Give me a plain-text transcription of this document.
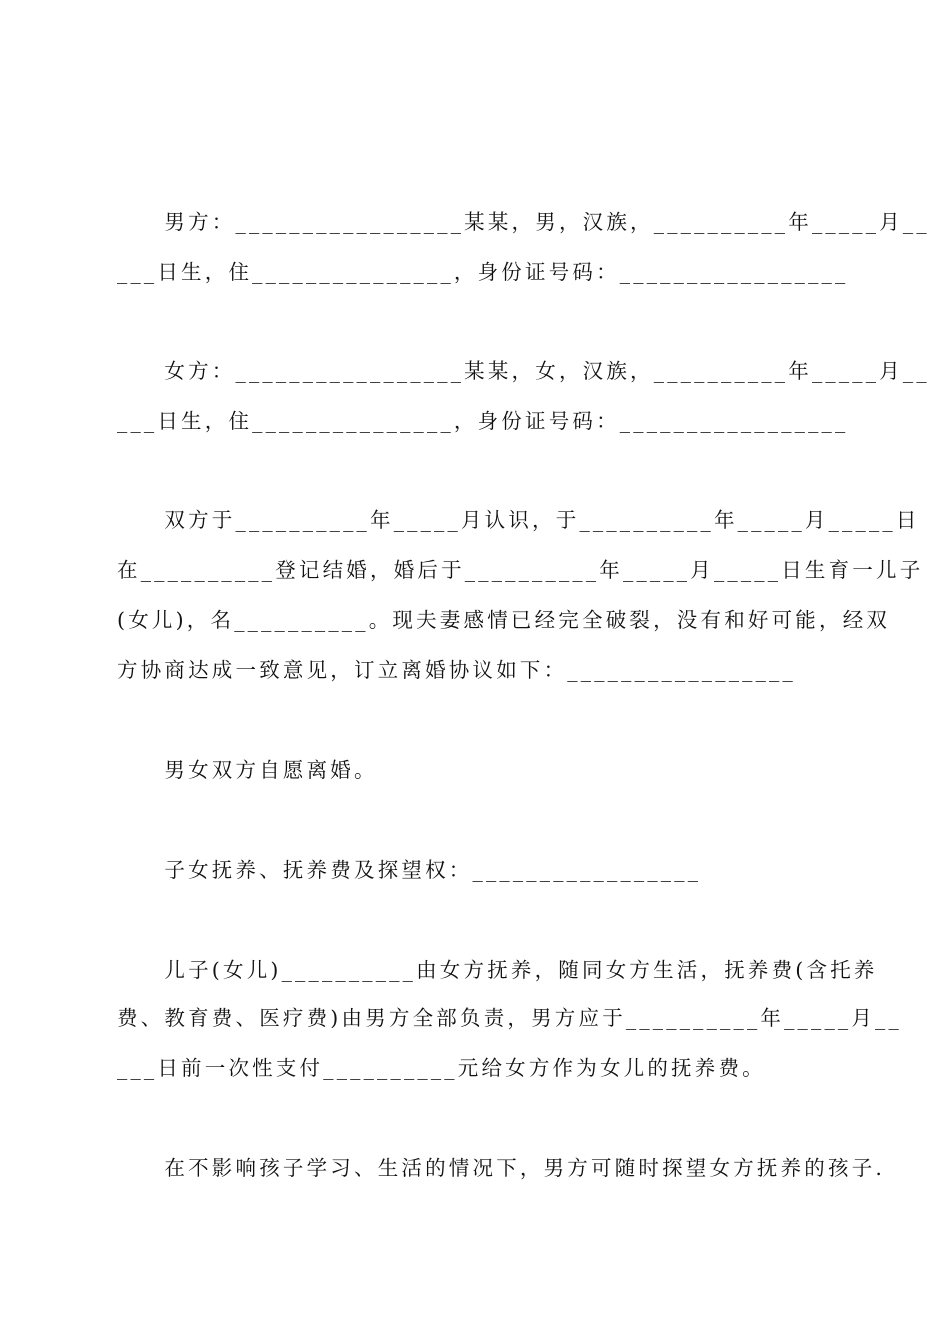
　　男方：_________________某某，男，汉族，__________年_____月__

___日生，住_______________，身份证号码：_________________

　　女方：_________________某某，女，汉族，__________年_____月__

___日生，住_______________，身份证号码：_________________

　　双方于__________年_____月认识，于__________年_____月_____日

在__________登记结婚，婚后于__________年_____月_____日生育一儿子

(女儿)，名__________。现夫妻感情已经完全破裂，没有和好可能，经双

方协商达成一致意见，订立离婚协议如下：_________________

　　男女双方自愿离婚。

　　子女抚养、抚养费及探望权：_________________

　　儿子(女儿)__________由女方抚养，随同女方生活，抚养费(含托养

费、教育费、医疗费)由男方全部负责，男方应于__________年_____月__

___日前一次性支付__________元给女方作为女儿的抚养费。

　　在不影响孩子学习、生活的情况下，男方可随时探望女方抚养的孩子.
